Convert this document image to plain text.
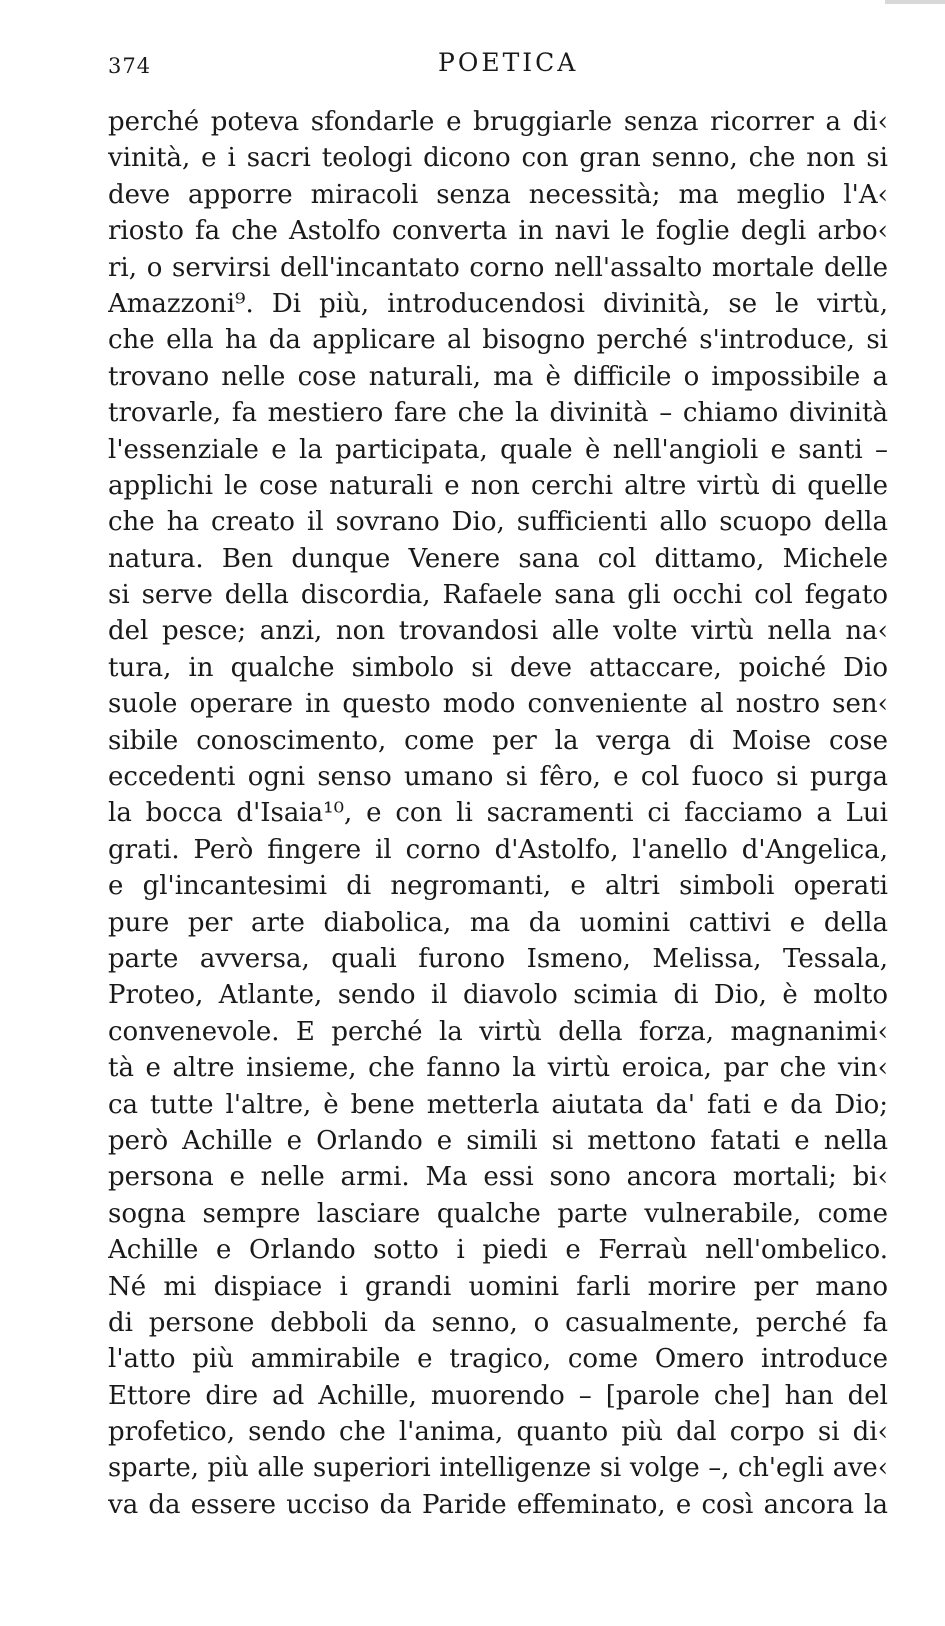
374	POETICA
perché poteva sfondarle e bruggiarle senza ricorrer a di‹
vinità, e i sacri teologi dicono con gran senno, che non si
deve apporre miracoli senza necessità; ma meglio l'A‹
riosto fa che Astolfo converta in navi le foglie degli arbo‹
ri, o servirsi dell'incantato corno nell'assalto mortale delle
Amazzoni⁹. Di più, introducendosi divinità, se le virtù,
che ella ha da applicare al bisogno perché s'introduce, si
trovano nelle cose naturali, ma è difficile o impossibile a
trovarle, fa mestiero fare che la divinità – chiamo divinità
l'essenziale e la participata, quale è nell'angioli e santi –
applichi le cose naturali e non cerchi altre virtù di quelle
che ha creato il sovrano Dio, sufficienti allo scuopo della
natura. Ben dunque Venere sana col dittamo, Michele
si serve della discordia, Rafaele sana gli occhi col fegato
del pesce; anzi, non trovandosi alle volte virtù nella na‹
tura, in qualche simbolo si deve attaccare, poiché Dio
suole operare in questo modo conveniente al nostro sen‹
sibile conoscimento, come per la verga di Moise cose
eccedenti ogni senso umano si fêro, e col fuoco si purga
la bocca d'Isaia¹⁰, e con li sacramenti ci facciamo a Lui
grati. Però fingere il corno d'Astolfo, l'anello d'Angelica,
e gl'incantesimi di negromanti, e altri simboli operati
pure per arte diabolica, ma da uomini cattivi e della
parte avversa, quali furono Ismeno, Melissa, Tessala,
Proteo, Atlante, sendo il diavolo scimia di Dio, è molto
convenevole. E perché la virtù della forza, magnanimi‹
tà e altre insieme, che fanno la virtù eroica, par che vin‹
ca tutte l'altre, è bene metterla aiutata da' fati e da Dio;
però Achille e Orlando e simili si mettono fatati e nella
persona e nelle armi. Ma essi sono ancora mortali; bi‹
sogna sempre lasciare qualche parte vulnerabile, come
Achille e Orlando sotto i piedi e Ferraù nell'ombelico.
Né mi dispiace i grandi uomini farli morire per mano
di persone debboli da senno, o casualmente, perché fa
l'atto più ammirabile e tragico, come Omero introduce
Ettore dire ad Achille, muorendo – [parole che] han del
profetico, sendo che l'anima, quanto più dal corpo si di‹
sparte, più alle superiori intelligenze si volge –, ch'egli ave‹
va da essere ucciso da Paride effeminato, e così ancora la
